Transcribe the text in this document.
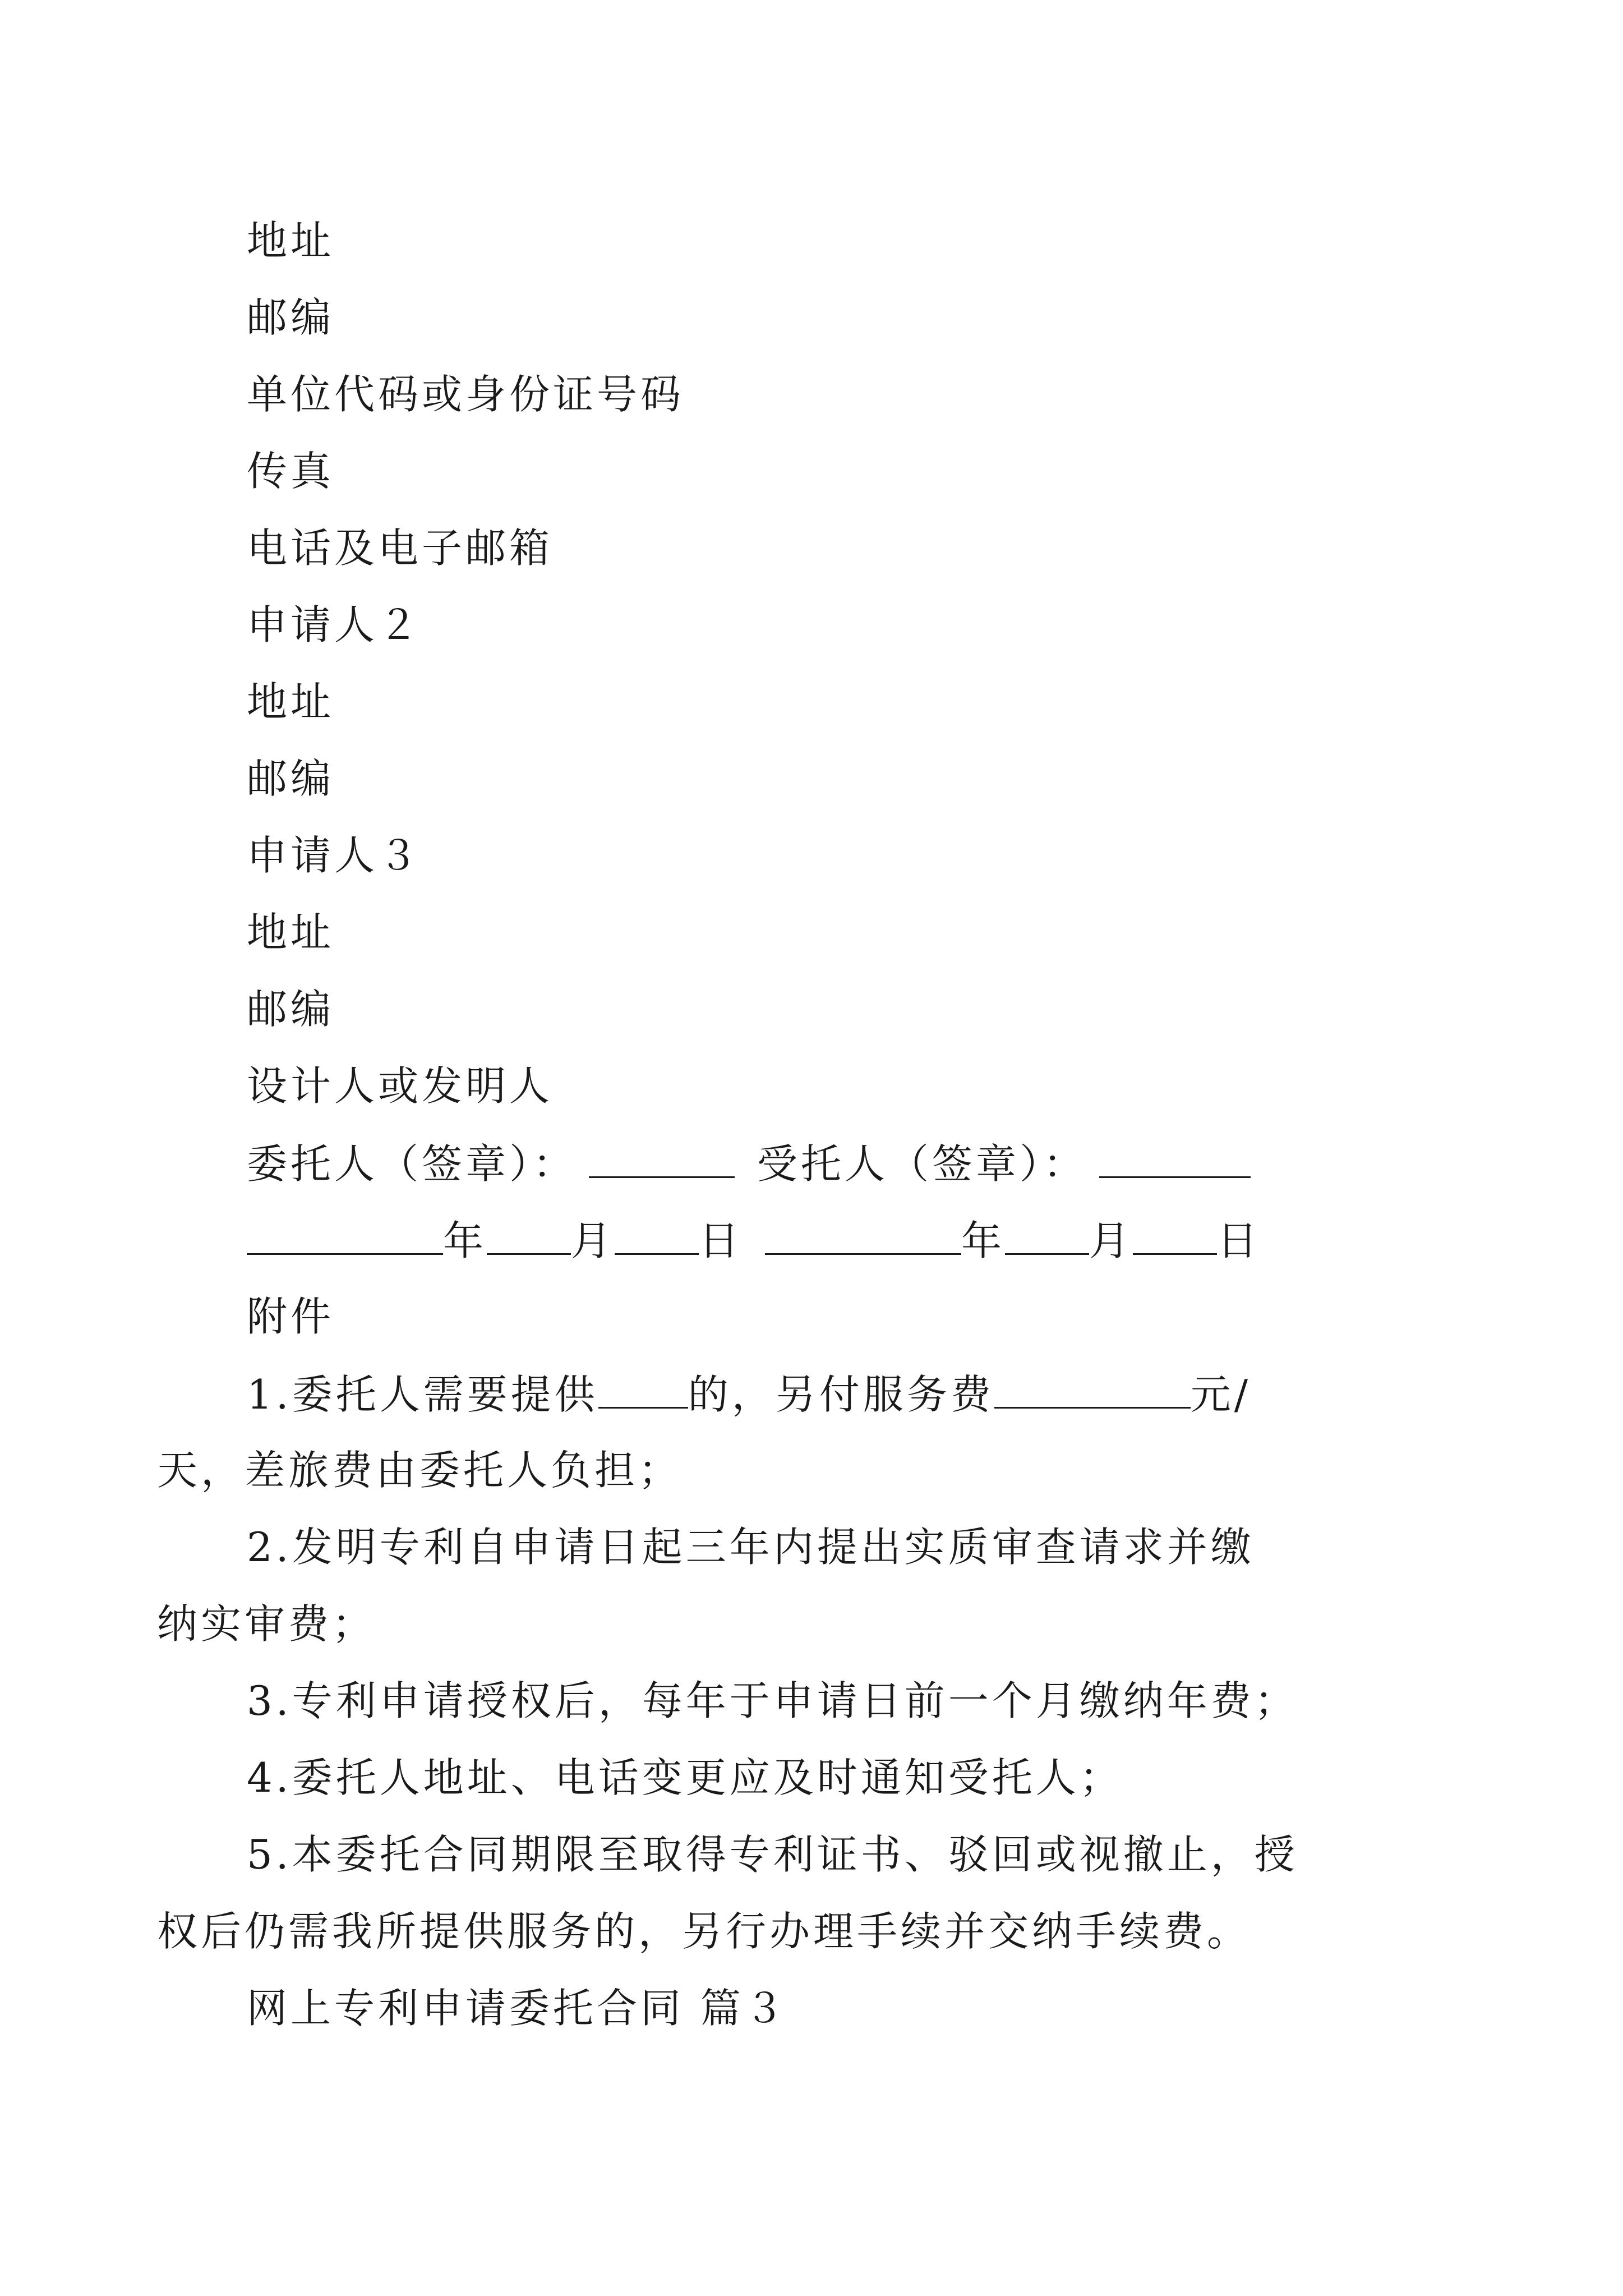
地址
邮编
单位代码或身份证号码
传真
电话及电子邮箱
申请人２
地址
邮编
申请人３
地址
邮编
设计人或发明人
委托人（签章）：	受托人（签章）：
年 月 日	年 月 日
附件
1.委托人需要提供 的，另付服务费	元/
天，差旅费由委托人负担；
2.发明专利自申请日起三年内提出实质审查请求并缴
纳实审费；
3.专利申请授权后，每年于申请日前一个月缴纳年费；
4.委托人地址、电话变更应及时通知受托人；
5.本委托合同期限至取得专利证书、驳回或视撤止，授
权后仍需我所提供服务的，另行办理手续并交纳手续费。
网上专利申请委托合同 篇３
